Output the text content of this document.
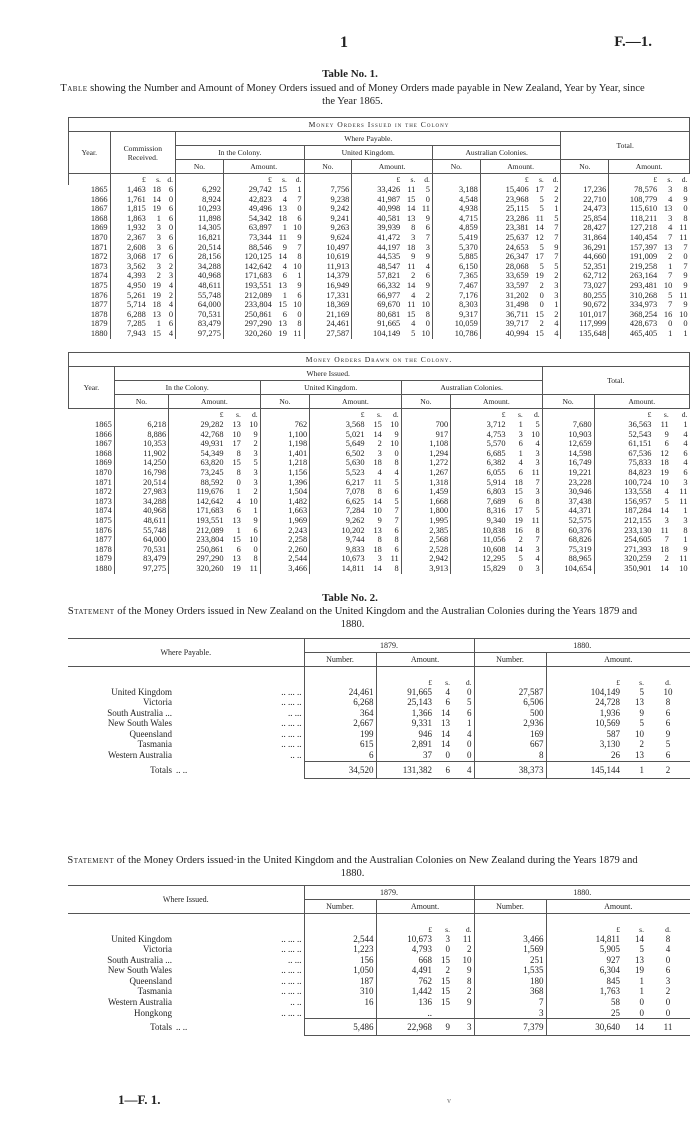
1	F.—1.
Table No. 1.
Table showing the Number and Amount of Money Orders issued and of Money Orders made payable in New Zealand, Year by Year, since the Year 1865.
Money Orders Issued in the Colony																			
Year.	Commission Received.			Where Payable.												Total.			
				In the Colony.				United Kingdom.				Australian Colonies.							
				No.	Amount.			No.	Amount.			No.	Amount.			No.	Amount.		
	£	s.	d.		£	s.	d.		£	s.	d.		£	s.	d.		£	s.	d.
1865	1,463	18	6	6,292	29,742	15	1	7,756	33,426	11	5	3,188	15,406	17	2	17,236	78,576	3	8
1866	1,761	14	0	8,924	42,823	4	7	9,238	41,987	15	0	4,548	23,968	5	2	22,710	108,779	4	9
1867	1,815	19	6	10,293	49,496	13	0	9,242	40,998	14	11	4,938	25,115	5	1	24,473	115,610	13	0
1868	1,863	1	6	11,898	54,342	18	6	9,241	40,581	13	9	4,715	23,286	11	5	25,854	118,211	3	8
1869	1,932	3	0	14,305	63,897	1	10	9,263	39,939	8	6	4,859	23,381	14	7	28,427	127,218	4	11
1870	2,367	3	6	16,821	73,344	11	9	9,624	41,472	3	7	5,419	25,637	12	7	31,864	140,454	7	11
1871	2,608	3	6	20,514	88,546	9	7	10,497	44,197	18	3	5,370	24,653	5	9	36,291	157,397	13	7
1872	3,068	17	6	28,156	120,125	14	8	10,619	44,535	9	9	5,885	26,347	17	7	44,660	191,009	2	0
1873	3,562	3	2	34,288	142,642	4	10	11,913	48,547	11	4	6,150	28,068	5	5	52,351	219,258	1	7
1874	4,393	2	3	40,968	171,683	6	1	14,379	57,821	2	6	7,365	33,659	19	2	62,712	263,164	7	9
1875	4,950	19	4	48,611	193,551	13	9	16,949	66,332	14	9	7,467	33,597	2	3	73,027	293,481	10	9
1876	5,261	19	2	55,748	212,089	1	6	17,331	66,977	4	2	7,176	31,202	0	3	80,255	310,268	5	11
1877	5,714	18	4	64,000	233,804	15	10	18,369	69,670	11	10	8,303	31,498	0	1	90,672	334,973	7	9
1878	6,288	13	0	70,531	250,861	6	0	21,169	80,681	15	8	9,317	36,711	15	2	101,017	368,254	16	10
1879	7,285	1	6	83,479	297,290	13	8	24,461	91,665	4	0	10,059	39,717	2	4	117,999	428,673	0	0
1880	7,943	15	4	97,275	320,260	19	11	27,587	104,149	5	10	10,786	40,994	15	4	135,648	465,405	1	1
Money Orders Drawn on the Colony.																
Year.	Where Issued.												Total.			
	In the Colony.				United Kingdom.				Australian Colonies.							
	No.	Amount.			No.	Amount.			No.	Amount.			No.	Amount.		
		£	s.	d.		£	s.	d.		£	s.	d.		£	s.	d.
1865	6,218	29,282	13	10	762	3,568	15	10	700	3,712	1	5	7,680	36,563	11	1
1866	8,886	42,768	10	9	1,100	5,021	14	9	917	4,753	3	10	10,903	52,543	9	4
1867	10,353	49,931	17	2	1,198	5,649	2	10	1,108	5,570	6	4	12,659	61,151	6	4
1868	11,902	54,349	8	3	1,401	6,502	3	0	1,294	6,685	1	3	14,598	67,536	12	6
1869	14,250	63,820	15	5	1,218	5,630	18	8	1,272	6,382	4	3	16,749	75,833	18	4
1870	16,798	73,245	8	3	1,156	5,523	4	4	1,267	6,055	6	11	19,221	84,823	19	6
1871	20,514	88,592	0	3	1,396	6,217	11	5	1,318	5,914	18	7	23,228	100,724	10	3
1872	27,983	119,676	1	2	1,504	7,078	8	6	1,459	6,803	15	3	30,946	133,558	4	11
1873	34,288	142,642	4	10	1,482	6,625	14	5	1,668	7,689	6	8	37,438	156,957	5	11
1874	40,968	171,683	6	1	1,663	7,284	10	7	1,800	8,316	17	5	44,371	187,284	14	1
1875	48,611	193,551	13	9	1,969	9,262	9	7	1,995	9,340	19	11	52,575	212,155	3	3
1876	55,748	212,089	1	6	2,243	10,202	13	6	2,385	10,838	16	8	60,376	233,130	11	8
1877	64,000	233,804	15	10	2,258	9,744	8	8	2,568	11,056	2	7	68,826	254,605	7	1
1878	70,531	250,861	6	0	2,260	9,833	18	6	2,528	10,608	14	3	75,319	271,393	18	9
1879	83,479	297,290	13	8	2,544	10,673	3	11	2,942	12,295	5	4	88,965	320,259	2	11
1880	97,275	320,260	19	11	3,466	14,811	14	8	3,913	15,829	0	3	104,654	350,901	14	10
Table No. 2.
Statement of the Money Orders issued in New Zealand on the United Kingdom and the Australian Colonies during the Years 1879 and 1880.
Where Payable.		1879.				1880.			
		Number.	Amount.			Number.	Amount.		
			£	s.	d.		£	s.	d.
United Kingdom	.. ... ..	24,461	91,665	4	0	27,587	104,149	5	10
Victoria	.. ... ..	6,268	25,143	6	5	6,506	24,728	13	8
South Australia ...	.. ...	364	1,366	14	6	500	1,936	9	6
New South Wales	.. ... ..	2,667	9,331	13	1	2,936	10,569	5	6
Queensland	.. ... ..	199	946	14	4	169	587	10	9
Tasmania	.. ... ..	615	2,891	14	0	667	3,130	2	5
Western Australia	.. ..	6	37	0	0	8	26	13	6
Totals	.. ..	34,520	131,382	6	4	38,373	145,144	1	2
Statement of the Money Orders issued·in the United Kingdom and the Australian Colonies on New Zealand during the Years 1879 and 1880.
Where Issued.		1879.				1880.			
		Number.	Amount.			Number.	Amount.		
			£	s.	d.		£	s.	d.
United Kingdom	.. ... ..	2,544	10,673	3	11	3,466	14,811	14	8
Victoria	.. ... ..	1,223	4,793	0	2	1,569	5,905	5	4
South Australia ...	.. ...	156	668	15	10	251	927	13	0
New South Wales	.. ... ..	1,050	4,491	2	9	1,535	6,304	19	6
Queensland	.. ... ..	187	762	15	8	180	845	1	3
Tasmania	.. ... ..	310	1,442	15	2	368	1,763	1	2
Western Australia	.. ..	16	136	15	9	7	58	0	0
Hongkong	.. ... ..		..			3	25	0	0
Totals	.. ..	5,486	22,968	9	3	7,379	30,640	14	11
1—F. 1.	v
